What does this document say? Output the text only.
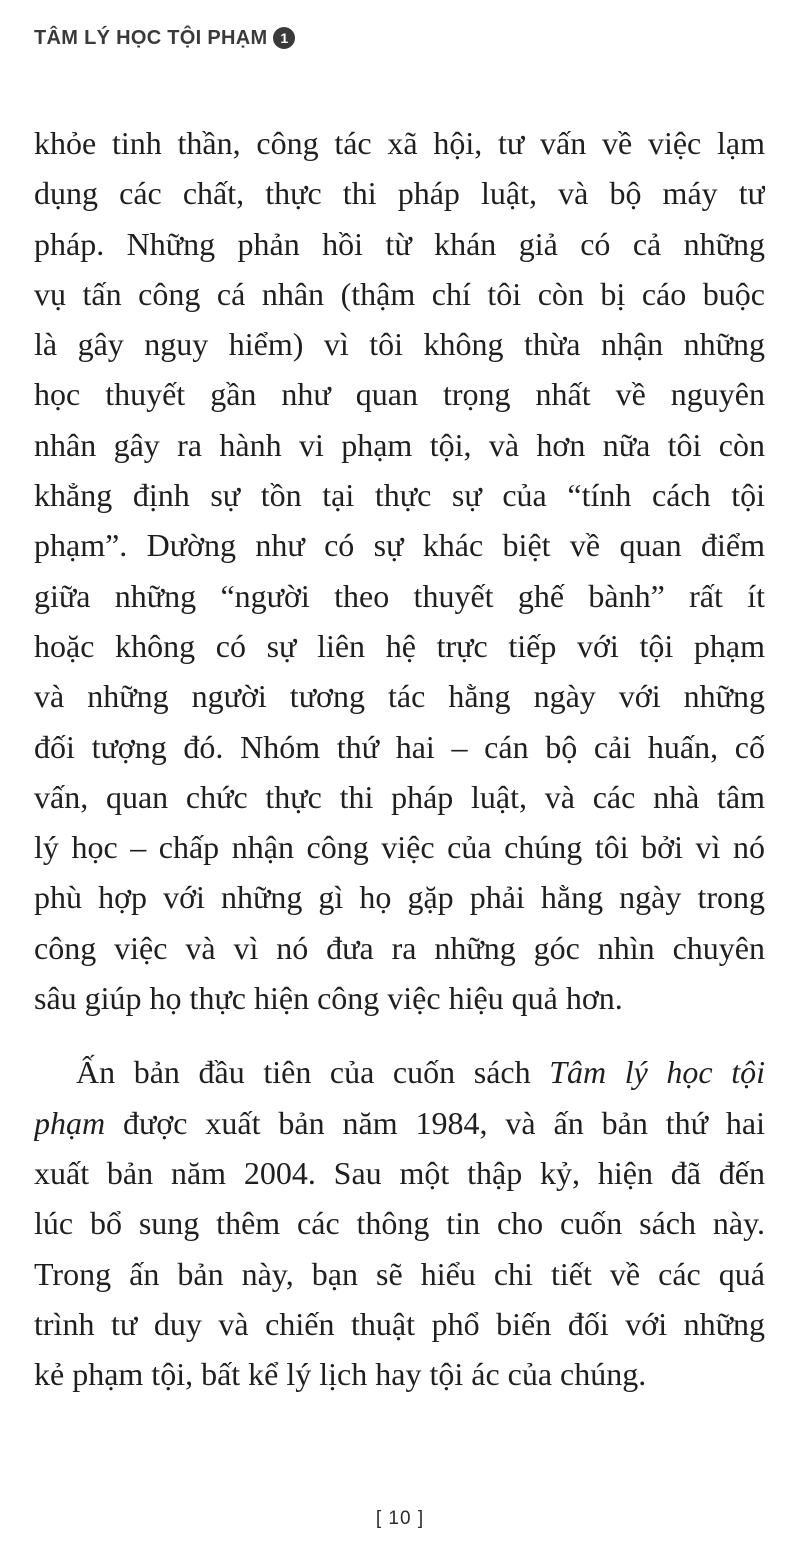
TÂM LÝ HỌC TỘI PHẠM 1
khỏe tinh thần, công tác xã hội, tư vấn về việc lạm
dụng các chất, thực thi pháp luật, và bộ máy tư
pháp. Những phản hồi từ khán giả có cả những
vụ tấn công cá nhân (thậm chí tôi còn bị cáo buộc
là gây nguy hiểm) vì tôi không thừa nhận những
học thuyết gần như quan trọng nhất về nguyên
nhân gây ra hành vi phạm tội, và hơn nữa tôi còn
khẳng định sự tồn tại thực sự của “tính cách tội
phạm”. Dường như có sự khác biệt về quan điểm
giữa những “người theo thuyết ghế bành” rất ít
hoặc không có sự liên hệ trực tiếp với tội phạm
và những người tương tác hằng ngày với những
đối tượng đó. Nhóm thứ hai – cán bộ cải huấn, cố
vấn, quan chức thực thi pháp luật, và các nhà tâm
lý học – chấp nhận công việc của chúng tôi bởi vì nó
phù hợp với những gì họ gặp phải hằng ngày trong
công việc và vì nó đưa ra những góc nhìn chuyên
sâu giúp họ thực hiện công việc hiệu quả hơn.
Ấn bản đầu tiên của cuốn sách Tâm lý học tội
phạm được xuất bản năm 1984, và ấn bản thứ hai
xuất bản năm 2004. Sau một thập kỷ, hiện đã đến
lúc bổ sung thêm các thông tin cho cuốn sách này.
Trong ấn bản này, bạn sẽ hiểu chi tiết về các quá
trình tư duy và chiến thuật phổ biến đối với những
kẻ phạm tội, bất kể lý lịch hay tội ác của chúng.
[ 10 ]
